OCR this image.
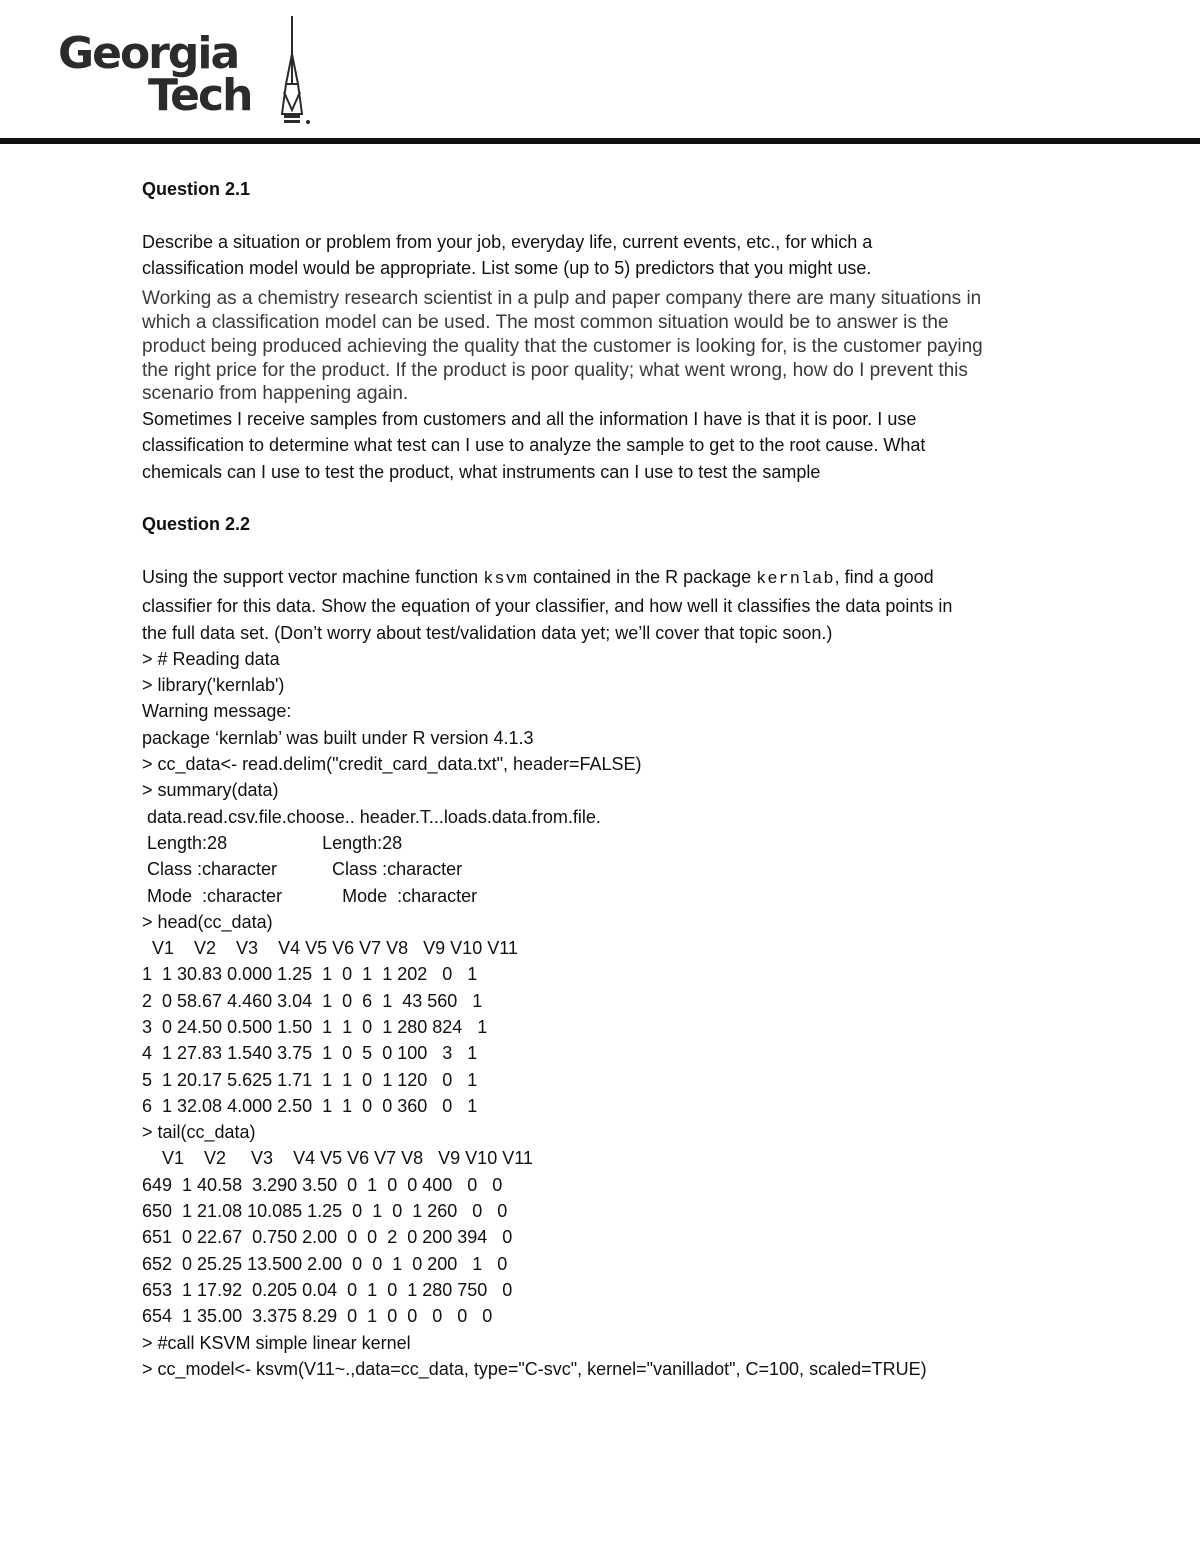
Georgia
Tech

Question 2.1

Describe a situation or problem from your job, everyday life, current events, etc., for which a

classification model would be appropriate. List some (up to 5) predictors that you might use.

Working as a chemistry research scientist in a pulp and paper company there are many situations in
which a classification model can be used. The most common situation would be to answer is the
product being produced achieving the quality that the customer is looking for, is the customer paying
the right price for the product. If the product is poor quality; what went wrong, how do I prevent this
scenario from happening again.

Sometimes I receive samples from customers and all the information I have is that it is poor. I use

classification to determine what test can I use to analyze the sample to get to the root cause. What

chemicals can I use to test the product, what instruments can I use to test the sample

Question 2.2

Using the support vector machine function ksvm contained in the R package kernlab, find a good

classifier for this data. Show the equation of your classifier, and how well it classifies the data points in

the full data set. (Don’t worry about test/validation data yet; we’ll cover that topic soon.)

> # Reading data

> library('kernlab')

Warning message:

package ‘kernlab’ was built under R version 4.1.3

> cc_data<- read.delim("credit_card_data.txt", header=FALSE)

> summary(data)

data.read.csv.file.choose.. header.T...loads.data.from.file.

Length:28                   Length:28

Class :character           Class :character

Mode  :character            Mode  :character

> head(cc_data)

V1    V2    V3    V4 V5 V6 V7 V8   V9 V10 V11

1  1 30.83 0.000 1.25  1  0  1  1 202   0   1

2  0 58.67 4.460 3.04  1  0  6  1  43 560   1

3  0 24.50 0.500 1.50  1  1  0  1 280 824   1

4  1 27.83 1.540 3.75  1  0  5  0 100   3   1

5  1 20.17 5.625 1.71  1  1  0  1 120   0   1

6  1 32.08 4.000 2.50  1  1  0  0 360   0   1

> tail(cc_data)

V1    V2     V3    V4 V5 V6 V7 V8   V9 V10 V11

649  1 40.58  3.290 3.50  0  1  0  0 400   0   0

650  1 21.08 10.085 1.25  0  1  0  1 260   0   0

651  0 22.67  0.750 2.00  0  0  2  0 200 394   0

652  0 25.25 13.500 2.00  0  0  1  0 200   1   0

653  1 17.92  0.205 0.04  0  1  0  1 280 750   0

654  1 35.00  3.375 8.29  0  1  0  0   0   0   0

> #call KSVM simple linear kernel

> cc_model<- ksvm(V11~.,data=cc_data, type="C-svc", kernel="vanilladot", C=100, scaled=TRUE)
